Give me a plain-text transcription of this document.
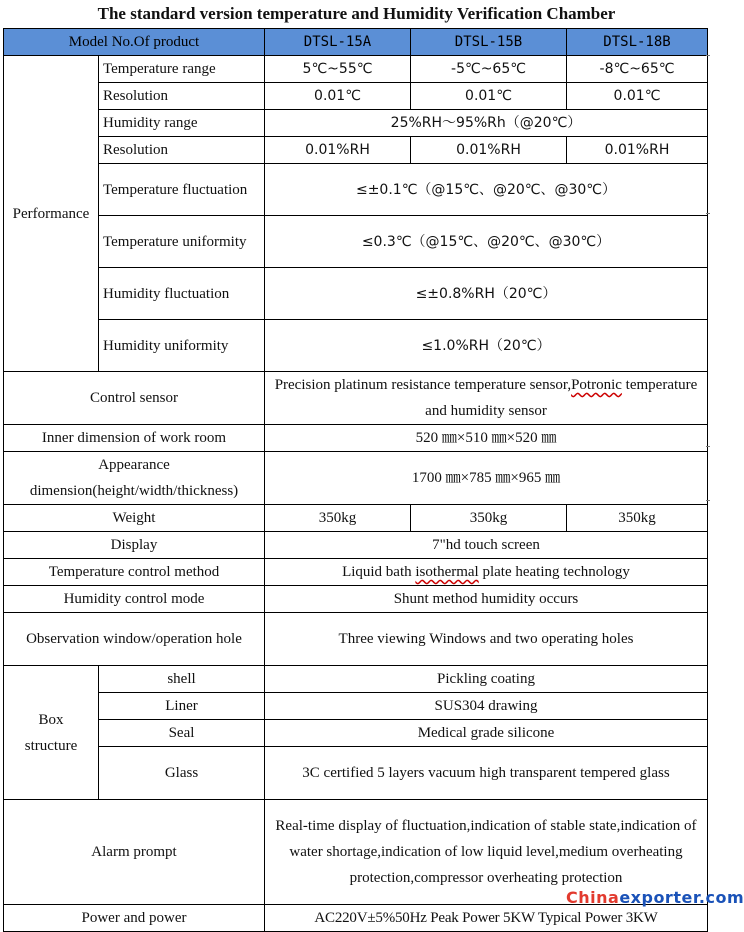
The standard version temperature and Humidity Verification Chamber
Model No.Of product		DTSL-15A	DTSL-15B	DTSL-18B
Performance	Temperature range	5℃~55℃	-5℃~65℃	-8℃~65℃
	Resolution	0.01℃	0.01℃	0.01℃
	Humidity range	25%RH～95%Rh（@20℃）		
	Resolution	0.01%RH	0.01%RH	0.01%RH
	Temperature fluctuation	≤±0.1℃（@15℃、@20℃、@30℃）		
	Temperature uniformity	≤0.3℃（@15℃、@20℃、@30℃）		
	Humidity fluctuation	≤±0.8%RH（20℃）		
	Humidity uniformity	≤1.0%RH（20℃）		
Control sensor		Precision platinum resistance temperature sensor,Potronic temperature and humidity sensor		
Inner dimension of work room		520 ㎜×510 ㎜×520 ㎜		
Appearance dimension(height/width/thickness)		1700 ㎜×785 ㎜×965 ㎜		
Weight		350kg	350kg	350kg
Display		7"hd touch screen		
Temperature control method		Liquid bath isothermal plate heating technology		
Humidity control mode		Shunt method humidity occurs		
Observation window/operation hole		Three viewing Windows and two operating holes		
Box structure	shell	Pickling coating		
	Liner	SUS304 drawing		
	Seal	Medical grade silicone		
	Glass	3C certified 5 layers vacuum high transparent tempered glass		
Alarm prompt		Real-time display of fluctuation,indication of stable state,indication of water shortage,indication of low liquid level,medium overheating protection,compressor overheating protection		
Power and power		AC220V±5%50Hz Peak Power 5KW Typical Power 3KW		
Chinaexporter.com
